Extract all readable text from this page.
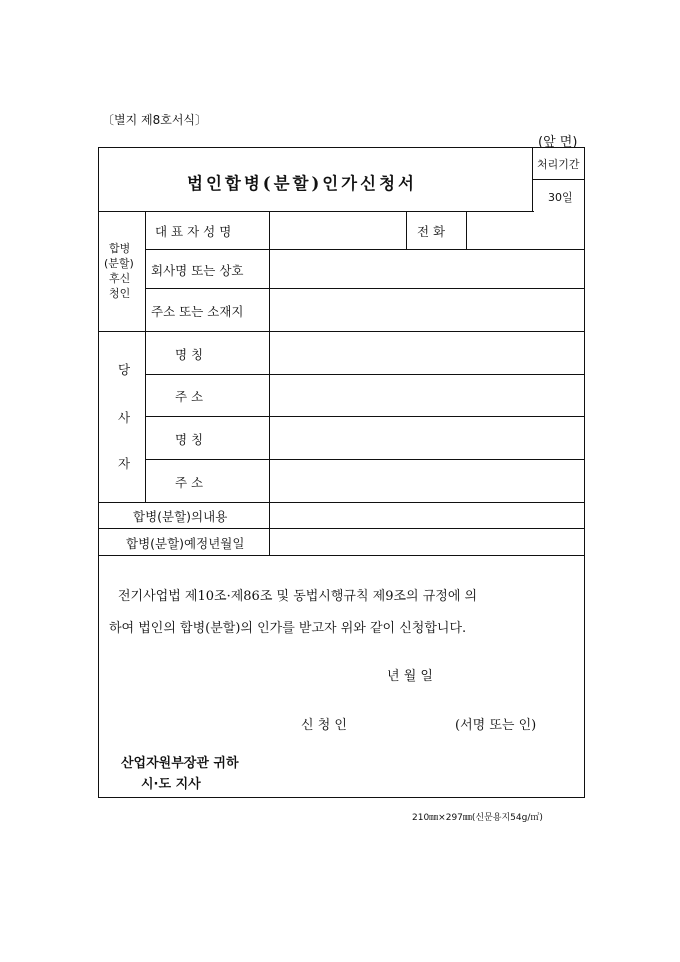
〔별지 제8호서식〕
(앞 면)
법인합병(분할)인가신청서
처리기간
30일
합병
(분할)
후신
청인
대 표 자 성 명	전 화
회사명 또는 상호
주소 또는 소재지
당
사
자
명 칭
주 소
명 칭
주 소
합병(분할)의내용
합병(분할)예정년월일
전기사업법 제10조·제86조 및 동법시행규칙 제9조의 규정에 의
하여 법인의 합병(분할)의 인가를 받고자 위와 같이 신청합니다.
년 월 일
신 청 인	(서명 또는 인)
산업자원부장관 귀하
시·도 지사
210㎜×297㎜(신문용지54g/㎡)
